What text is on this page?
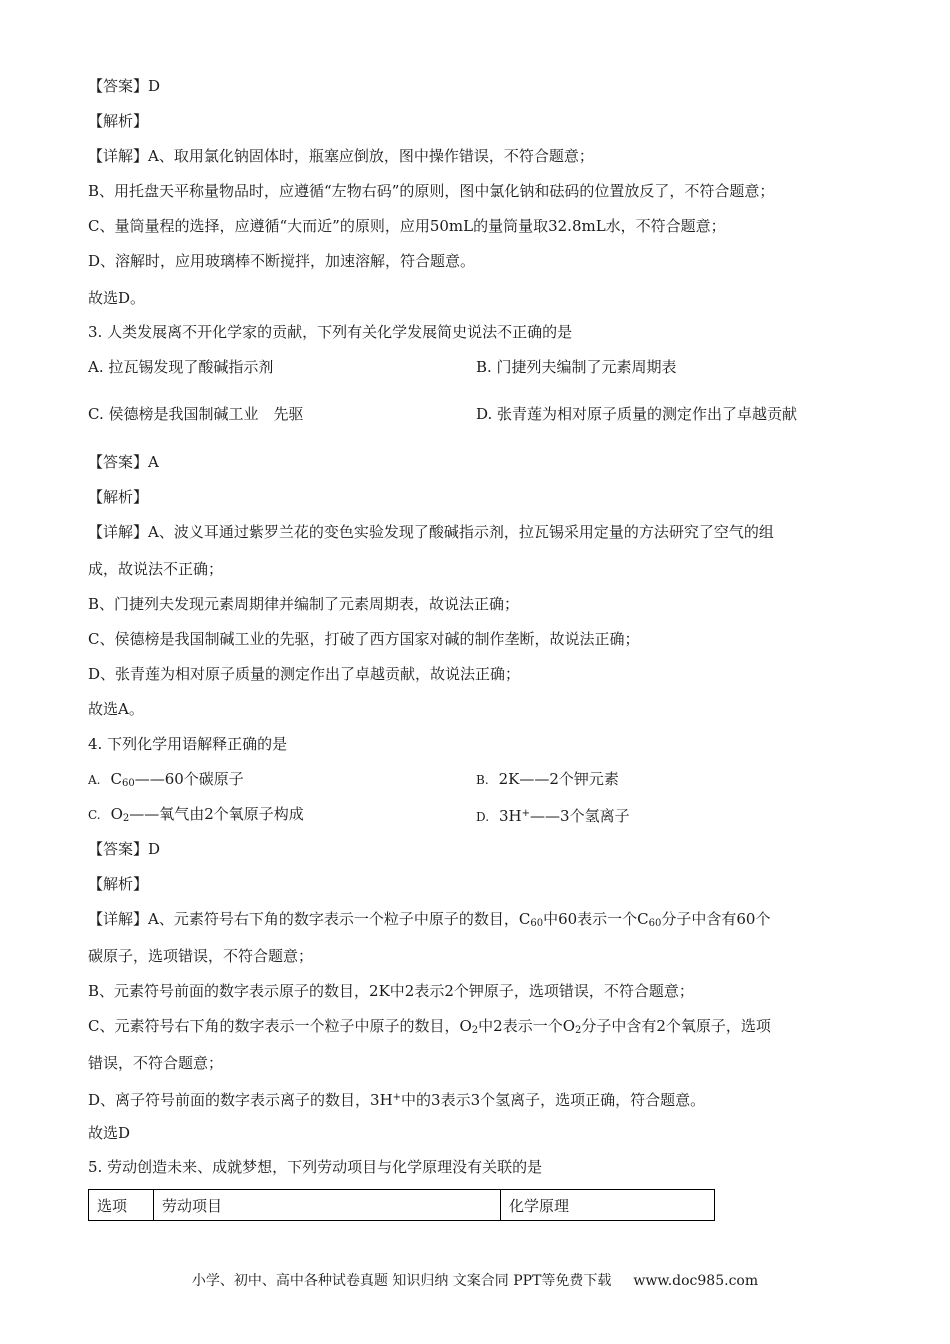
【答案】D
【解析】
【详解】A、取用氯化钠固体时，瓶塞应倒放，图中操作错误，不符合题意；
B、用托盘天平称量物品时，应遵循“左物右码”的原则，图中氯化钠和砝码的位置放反了，不符合题意；
C、量筒量程的选择，应遵循“大而近”的原则，应用50mL的量筒量取32.8mL水，不符合题意；
D、溶解时，应用玻璃棒不断搅拌，加速溶解，符合题意。
故选D。
3. 人类发展离不开化学家的贡献，下列有关化学发展简史说法不正确的是
A. 拉瓦锡发现了酸碱指示剂	B. 门捷列夫编制了元素周期表
C. 侯德榜是我国制碱工业　先驱	D. 张青莲为相对原子质量的测定作出了卓越贡献
【答案】A
【解析】
【详解】A、波义耳通过紫罗兰花的变色实验发现了酸碱指示剂，拉瓦锡采用定量的方法研究了空气的组
成，故说法不正确；
B、门捷列夫发现元素周期律并编制了元素周期表，故说法正确；
C、侯德榜是我国制碱工业的先驱，打破了西方国家对碱的制作垄断，故说法正确；
D、张青莲为相对原子质量的测定作出了卓越贡献，故说法正确；
故选A。
4. 下列化学用语解释正确的是
A. $C_{60}——60$个碳原子	B. 2K——2个钾元素
C. $O_2——$氧气由2个氧原子构成	D. 3H+——3个氢离子
【答案】D
【解析】
【详解】A、元素符号右下角的数字表示一个粒子中原子的数目，$C_{60}$中60表示一个$C_{60}$分子中含有60个
碳原子，选项错误，不符合题意；
B、元素符号前面的数字表示原子的数目，2K中2表示2个钾原子，选项错误，不符合题意；
C、元素符号右下角的数字表示一个粒子中原子的数目，$O_2$中2表示一个$O_2$分子中含有2个氧原子，选项
错误，不符合题意；
D、离子符号前面的数字表示离子的数目，3H+中的3表示3个氢离子，选项正确，符合题意。
故选D
5. 劳动创造未来、成就梦想，下列劳动项目与化学原理没有关联的是
选项	劳动项目	化学原理
小学、初中、高中各种试卷真题 知识归纳 文案合同 PPT等免费下载 www.doc985.com
